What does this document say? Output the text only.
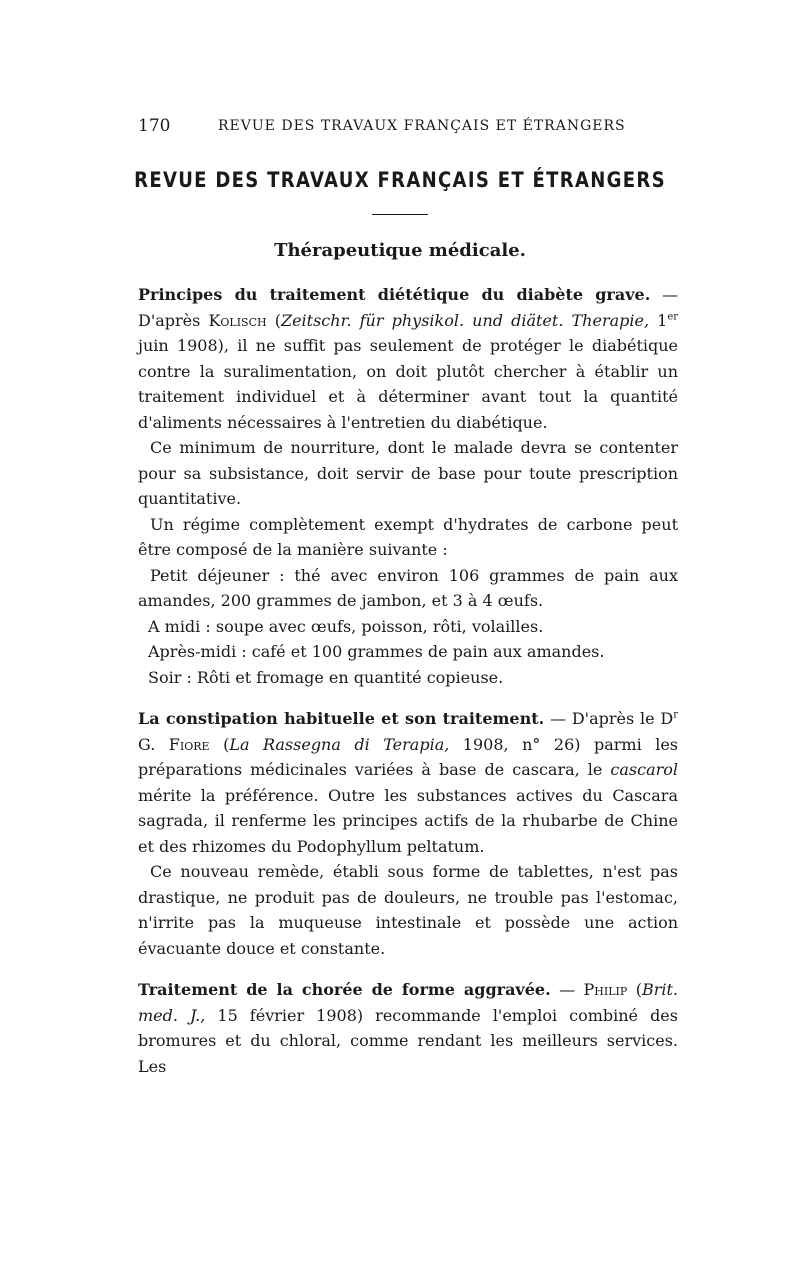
170	REVUE DES TRAVAUX FRANÇAIS ET ÉTRANGERS
REVUE DES TRAVAUX FRANÇAIS ET ÉTRANGERS
Thérapeutique médicale.

Principes du traitement diététique du diabète grave. — D'après Kolisch (Zeitschr. für physikol. und diätet. Therapie, 1er juin 1908), il ne suffit pas seulement de protéger le diabétique contre la suralimentation, on doit plutôt chercher à établir un traitement individuel et à déterminer avant tout la quantité d'aliments nécessaires à l'entretien du diabétique.

Ce minimum de nourriture, dont le malade devra se contenter pour sa subsistance, doit servir de base pour toute prescription quantitative.

Un régime complètement exempt d'hydrates de carbone peut être composé de la manière suivante :

Petit déjeuner : thé avec environ 106 grammes de pain aux amandes, 200 grammes de jambon, et 3 à 4 œufs.

A midi : soupe avec œufs, poisson, rôti, volailles.

Après-midi : café et 100 grammes de pain aux amandes.

Soir : Rôti et fromage en quantité copieuse.

La constipation habituelle et son traitement. — D'après le $D^r$ G. Fiore (La Rassegna di Terapia, 1908, n° 26) parmi les préparations médicinales variées à base de cascara, le cascarol mérite la préférence. Outre les substances actives du Cascara sagrada, il renferme les principes actifs de la rhubarbe de Chine et des rhizomes du Podophyllum peltatum.

Ce nouveau remède, établi sous forme de tablettes, n'est pas drastique, ne produit pas de douleurs, ne trouble pas l'estomac, n'irrite pas la muqueuse intestinale et possède une action évacuante douce et constante.

Traitement de la chorée de forme aggravée. — Philip (Brit. med. J., 15 février 1908) recommande l'emploi combiné des bromures et du chloral, comme rendant les meilleurs services. Les
